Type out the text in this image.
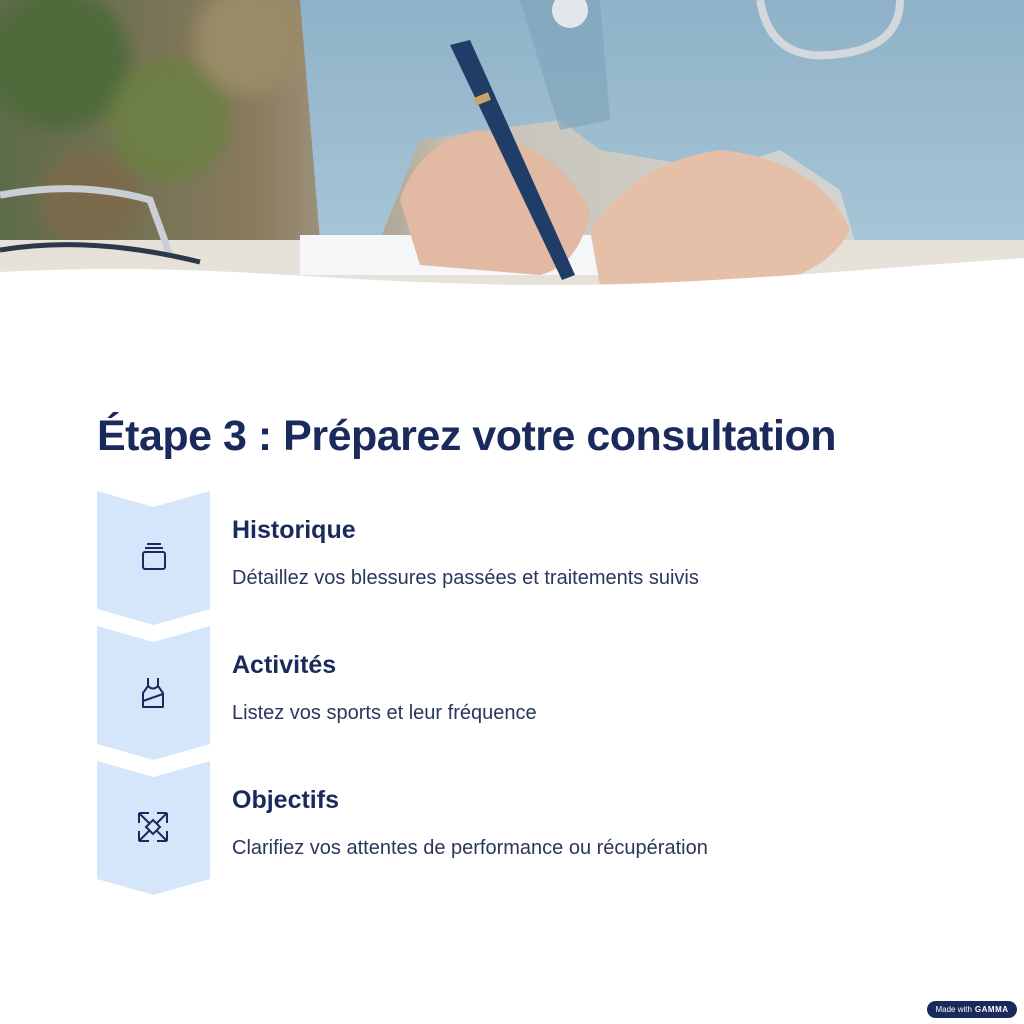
Étape 3 : Préparez votre consultation
Historique
Détaillez vos blessures passées et traitements suivis
Activités
Listez vos sports et leur fréquence
Objectifs
Clarifiez vos attentes de performance ou récupération
Made with GAMMA
